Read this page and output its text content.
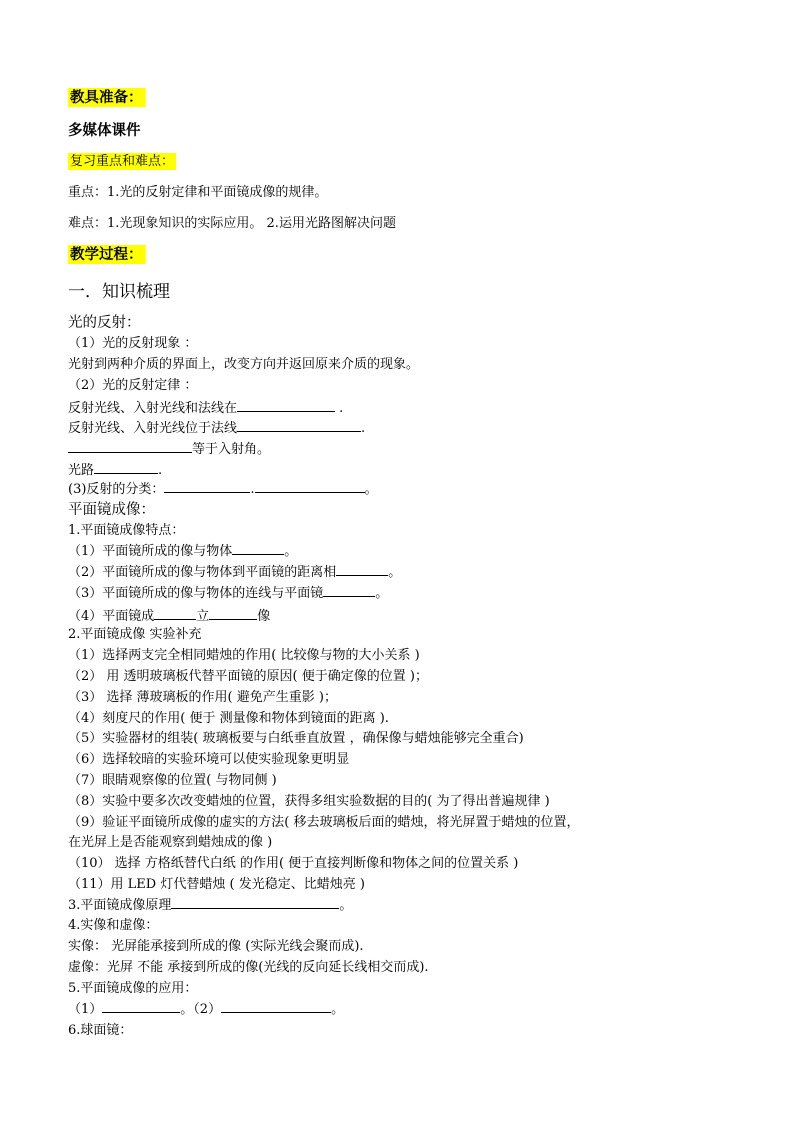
教具准备：
多媒体课件
复习重点和难点：
重点：1.光的反射定律和平面镜成像的规律。
难点：1.光现象知识的实际应用。 2.运用光路图解决问题
教学过程：
一．知识梳理
光的反射：
（1）光的反射现象 ：
光射到两种介质的界面上，改变方向并返回原来介质的现象。
（2）光的反射定律 ：
反射光线、入射光线和法线在	.
反射光线、入射光线位于法线	.
等于入射角。
光路	.
(3)反射的分类：	.	。
平面镜成像：
1.平面镜成像特点：
（1）平面镜所成的像与物体	。
（2）平面镜所成的像与物体到平面镜的距离相	。
（3）平面镜所成的像与物体的连线与平面镜	。
（4）平面镜成	立	像
2.平面镜成像 实验补充
（1）选择两支完全相同蜡烛的作用( 比较像与物的大小关系 )
（2） 用 透明玻璃板代替平面镜的原因( 便于确定像的位置 )；
（3） 选择 薄玻璃板的作用( 避免产生重影 )；
（4）刻度尺的作用( 便于 测量像和物体到镜面的距离 ).
（5）实验器材的组装( 玻璃板要与白纸垂直放置 ，确保像与蜡烛能够完全重合)
（6）选择较暗的实验环境可以使实验现象更明显
（7）眼睛观察像的位置( 与物同侧 )
（8）实验中要多次改变蜡烛的位置，获得多组实验数据的目的( 为了得出普遍规律 )
（9）验证平面镜所成像的虚实的方法( 移去玻璃板后面的蜡烛，将光屏置于蜡烛的位置，
在光屏上是否能观察到蜡烛成的像 )
（10） 选择 方格纸替代白纸 的作用( 便于直接判断像和物体之间的位置关系 )
（11）用 LED 灯代替蜡烛 ( 发光稳定、比蜡烛亮 )
3.平面镜成像原理	。
4.实像和虚像：
实像： 光屏能承接到所成的像 (实际光线会聚而成).
虚像：光屏 不能 承接到所成的像(光线的反向延长线相交而成).
5.平面镜成像的应用：
（1）	。（2）	。
6.球面镜：
